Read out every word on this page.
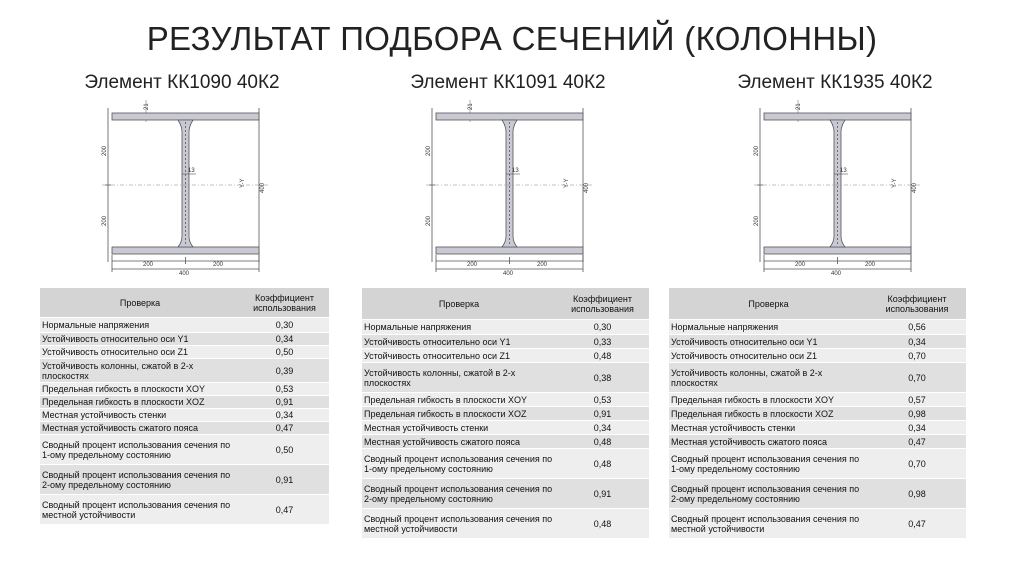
РЕЗУЛЬТАТ ПОДБОРА СЕЧЕНИЙ (КОЛОННЫ)
Элемент КК1090 40К2	Элемент КК1091 40К2	Элемент КК1935 40К2
21
13
200
200
400
Y-Y
200	200
400
21
13
200
200
400
Y-Y
200	200
400
21
13
200
200
400
Y-Y
200	200
400
Проверка	Коэффициент использования
Нормальные напряжения	0,30
Устойчивость относительно оси Y1	0,34
Устойчивость относительно оси Z1	0,50
Устойчивость колонны, сжатой в 2-х плоскостях	0,39
Предельная гибкость в плоскости XOY	0,53
Предельная гибкость в плоскости XOZ	0,91
Местная устойчивость стенки	0,34
Местная устойчивость сжатого пояса	0,47
Сводный процент использования сечения по 1-ому предельному состоянию	0,50
Сводный процент использования сечения по 2-ому предельному состоянию	0,91
Сводный процент использования сечения по местной устойчивости	0,47
Проверка	Коэффициент использования
Нормальные напряжения	0,30
Устойчивость относительно оси Y1	0,33
Устойчивость относительно оси Z1	0,48
Устойчивость колонны, сжатой в 2-х плоскостях	0,38
Предельная гибкость в плоскости XOY	0,53
Предельная гибкость в плоскости XOZ	0,91
Местная устойчивость стенки	0,34
Местная устойчивость сжатого пояса	0,48
Сводный процент использования сечения по 1-ому предельному состоянию	0,48
Сводный процент использования сечения по 2-ому предельному состоянию	0,91
Сводный процент использования сечения по местной устойчивости	0,48
Проверка	Коэффициент использования
Нормальные напряжения	0,56
Устойчивость относительно оси Y1	0,34
Устойчивость относительно оси Z1	0,70
Устойчивость колонны, сжатой в 2-х плоскостях	0,70
Предельная гибкость в плоскости XOY	0,57
Предельная гибкость в плоскости XOZ	0,98
Местная устойчивость стенки	0,34
Местная устойчивость сжатого пояса	0,47
Сводный процент использования сечения по 1-ому предельному состоянию	0,70
Сводный процент использования сечения по 2-ому предельному состоянию	0,98
Сводный процент использования сечения по местной устойчивости	0,47
